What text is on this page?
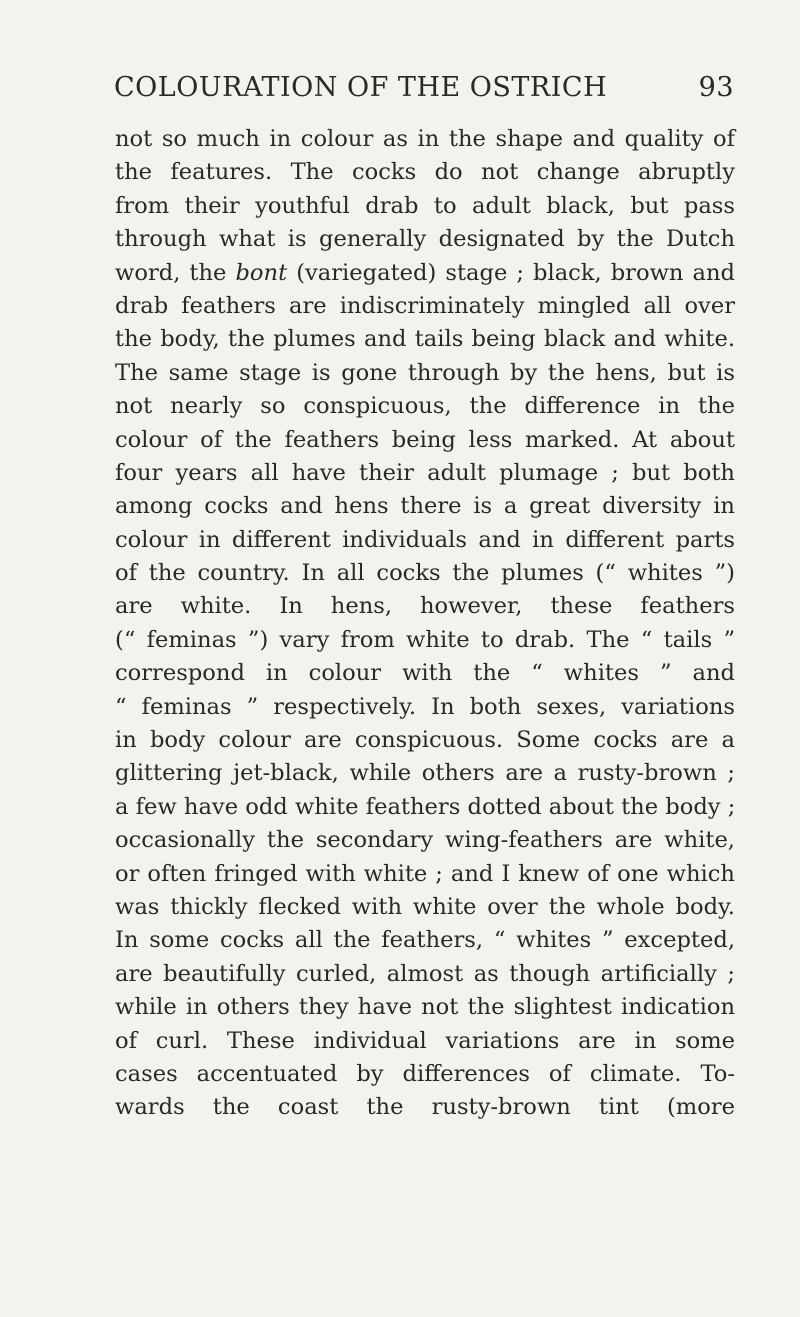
COLOURATION OF THE OSTRICH	93
not so much in colour as in the shape and quality of
the features. The cocks do not change abruptly
from their youthful drab to adult black, but pass
through what is generally designated by the Dutch
word, the bont (variegated) stage ; black, brown and
drab feathers are indiscriminately mingled all over
the body, the plumes and tails being black and white.
The same stage is gone through by the hens, but is
not nearly so conspicuous, the difference in the
colour of the feathers being less marked. At about
four years all have their adult plumage ; but both
among cocks and hens there is a great diversity in
colour in different individuals and in different parts
of the country. In all cocks the plumes (“ whites ”)
are white. In hens, however, these feathers
(“ feminas ”) vary from white to drab. The “ tails ”
correspond in colour with the “ whites ” and
“ feminas ” respectively. In both sexes, variations
in body colour are conspicuous. Some cocks are a
glittering jet-black, while others are a rusty-brown ;
a few have odd white feathers dotted about the body ;
occasionally the secondary wing-feathers are white,
or often fringed with white ; and I knew of one which
was thickly flecked with white over the whole body.
In some cocks all the feathers, “ whites ” excepted,
are beautifully curled, almost as though artificially ;
while in others they have not the slightest indication
of curl. These individual variations are in some
cases accentuated by differences of climate. To-
wards the coast the rusty-brown tint (more
